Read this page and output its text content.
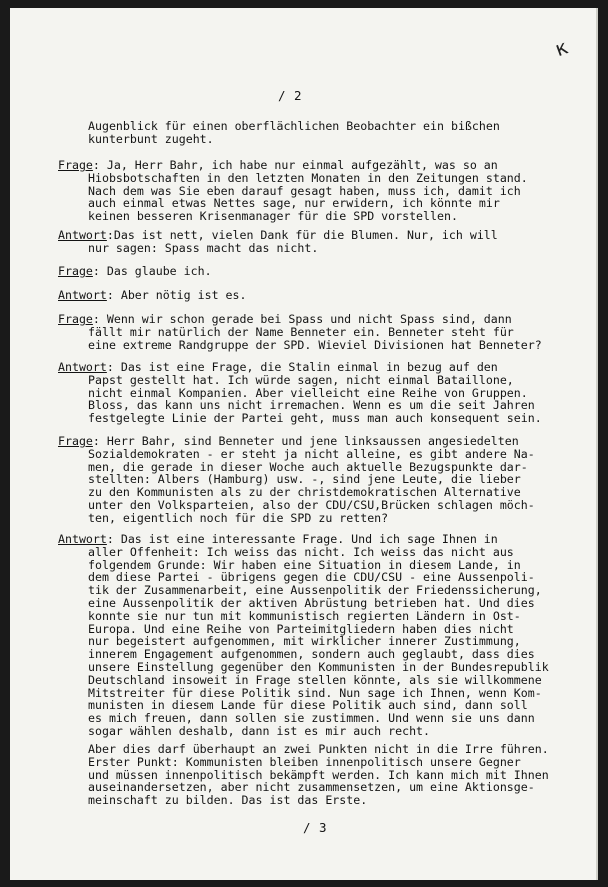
ĸ
/ 2
Augenblick für einen oberflächlichen Beobachter ein bißchen
kunterbunt zugeht.
Frage: Ja, Herr Bahr, ich habe nur einmal aufgezählt, was so an
Hiobsbotschaften in den letzten Monaten in den Zeitungen stand.
Nach dem was Sie eben darauf gesagt haben, muss ich, damit ich
auch einmal etwas Nettes sage, nur erwidern, ich könnte mir
keinen besseren Krisenmanager für die SPD vorstellen.
Antwort:Das ist nett, vielen Dank für die Blumen. Nur, ich will
nur sagen: Spass macht das nicht.
Frage: Das glaube ich.
Antwort: Aber nötig ist es.
Frage: Wenn wir schon gerade bei Spass und nicht Spass sind, dann
fällt mir natürlich der Name Benneter ein. Benneter steht für
eine extreme Randgruppe der SPD. Wieviel Divisionen hat Benneter?
Antwort: Das ist eine Frage, die Stalin einmal in bezug auf den
Papst gestellt hat. Ich würde sagen, nicht einmal Bataillone,
nicht einmal Kompanien. Aber vielleicht eine Reihe von Gruppen.
Bloss, das kann uns nicht irremachen. Wenn es um die seit Jahren
festgelegte Linie der Partei geht, muss man auch konsequent sein.
Frage: Herr Bahr, sind Benneter und jene linksaussen angesiedelten
Sozialdemokraten - er steht ja nicht alleine, es gibt andere Na-
men, die gerade in dieser Woche auch aktuelle Bezugspunkte dar-
stellten: Albers (Hamburg) usw. -, sind jene Leute, die lieber
zu den Kommunisten als zu der christdemokratischen Alternative
unter den Volksparteien, also der CDU/CSU,Brücken schlagen möch-
ten, eigentlich noch für die SPD zu retten?
Antwort: Das ist eine interessante Frage. Und ich sage Ihnen in
aller Offenheit: Ich weiss das nicht. Ich weiss das nicht aus
folgendem Grunde: Wir haben eine Situation in diesem Lande, in
dem diese Partei - übrigens gegen die CDU/CSU - eine Aussenpoli-
tik der Zusammenarbeit, eine Aussenpolitik der Friedenssicherung,
eine Aussenpolitik der aktiven Abrüstung betrieben hat. Und dies
konnte sie nur tun mit kommunistisch regierten Ländern in Ost-
Europa. Und eine Reihe von Parteimitgliedern haben dies nicht
nur begeistert aufgenommen, mit wirklicher innerer Zustimmung,
innerem Engagement aufgenommen, sondern auch geglaubt, dass dies
unsere Einstellung gegenüber den Kommunisten in der Bundesrepublik
Deutschland insoweit in Frage stellen könnte, als sie willkommene
Mitstreiter für diese Politik sind. Nun sage ich Ihnen, wenn Kom-
munisten in diesem Lande für diese Politik auch sind, dann soll
es mich freuen, dann sollen sie zustimmen. Und wenn sie uns dann
sogar wählen deshalb, dann ist es mir auch recht.
Aber dies darf überhaupt an zwei Punkten nicht in die Irre führen.
Erster Punkt: Kommunisten bleiben innenpolitisch unsere Gegner
und müssen innenpolitisch bekämpft werden. Ich kann mich mit Ihnen
auseinandersetzen, aber nicht zusammensetzen, um eine Aktionsge-
meinschaft zu bilden. Das ist das Erste.
/ 3
